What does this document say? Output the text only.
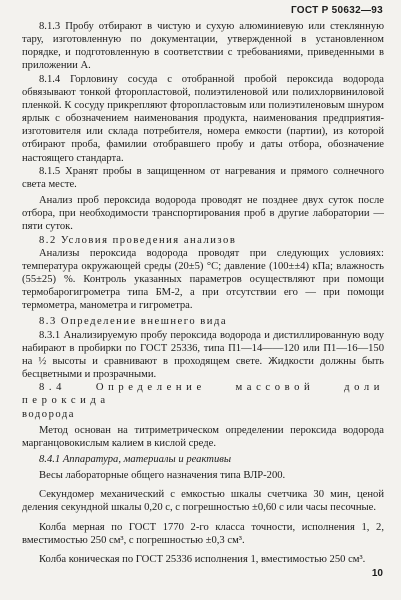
ГОСТ Р 50632—93

8.1.3 Пробу отбирают в чистую и сухую алюминиевую или стеклянную тару, изготовленную по документации, утвержденной в установленном порядке, и подготовленную в соответствии с требованиями, приведенными в приложении А.

8.1.4 Горловину сосуда с отобранной пробой пероксида водорода обвязывают тонкой фторопластовой, полиэтиленовой или полихлорвиниловой пленкой. К сосуду прикрепляют фторопластовым или полиэтиленовым шнуром ярлык с обозначением наименования продукта, наименования предприятия-изготовителя или склада потребителя, номера емкости (партии), из которой отбирают проба, фамилии отобравшего пробу и даты отбора, обозначение настоящего стандарта.

8.1.5 Хранят пробы в защищенном от нагревания и прямого солнечного света месте.

Анализ проб пероксида водорода проводят не позднее двух суток после отбора, при необходимости транспортирования проб в другие лаборатории — пяти суток.

8.2 Условия проведения анализов

Анализы пероксида водорода проводят при следующих условиях: температура окружающей среды (20±5) °С; давление (100±±4) кПа; влажность (55±25) %. Контроль указанных параметров осуществляют при помощи термобарогигрометра типа БМ-2, а при отсутствии его — при помощи термометра, манометра и гигрометра.

8.3 Определение внешнего вида

8.3.1 Анализируемую пробу пероксида водорода и дистиллированную воду набирают в пробирки по ГОСТ 25336, типа П1—14——120 или П1—16—150 на ½ высоты и сравнивают в проходящем свете. Жидкости должны быть бесцветными и прозрачными.

8.4 Определение массовой доли пероксида

водорода

Метод основан на титриметрическом определении пероксида водорода марганцовокислым калием в кислой среде.

8.4.1 Аппаратура, материалы и реактивы

Весы лабораторные общего назначения типа ВЛР-200.

Секундомер механический с емкостью шкалы счетчика 30 мин, ценой деления секундной шкалы 0,20 с, с погрешностью ±0,60 с или часы песочные.

Колба мерная по ГОСТ 1770 2-го класса точности, исполнения 1, 2, вместимостью 250 см³, с погрешностью ±0,3 см³.

Колба коническая по ГОСТ 25336 исполнения 1, вместимостью 250 см³.

10
